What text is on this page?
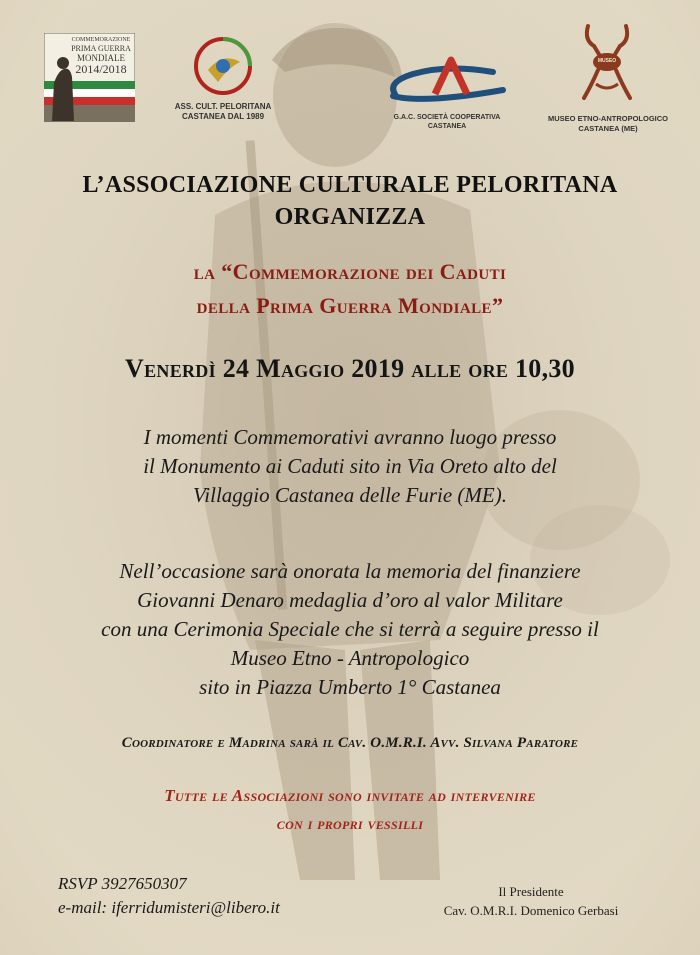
COMMEMORAZIONE
PRIMA GUERRA
MONDIALE
2014/2018
ASS. CULT. PELORITANA
CASTANEA DAL 1989	G.A.C. SOCIETÀ COOPERATIVA
CASTANEA
MUSEO
MUSEO ETNO-ANTROPOLOGICO
CASTANEA (ME)
L’ASSOCIAZIONE CULTURALE PELORITANA
ORGANIZZA
la “Commemorazione dei Caduti
della Prima Guerra Mondiale”
Venerdì 24 Maggio 2019 alle ore 10,30
I momenti Commemorativi avranno luogo presso
il Monumento ai Caduti sito in Via Oreto alto del
Villaggio Castanea delle Furie (ME).
Nell’occasione sarà onorata la memoria del finanziere
Giovanni Denaro medaglia d’oro al valor Militare
con una Cerimonia Speciale che si terrà a seguire presso il
Museo Etno - Antropologico
sito in Piazza Umberto 1° Castanea
Coordinatore e Madrina sarà il Cav. O.M.R.I. Avv. Silvana Paratore
Tutte le Associazioni sono invitate ad intervenire
con i propri vessilli
RSVP 3927650307
e-mail: iferridumisteri@libero.it
Il Presidente
Cav. O.M.R.I. Domenico Gerbasi
